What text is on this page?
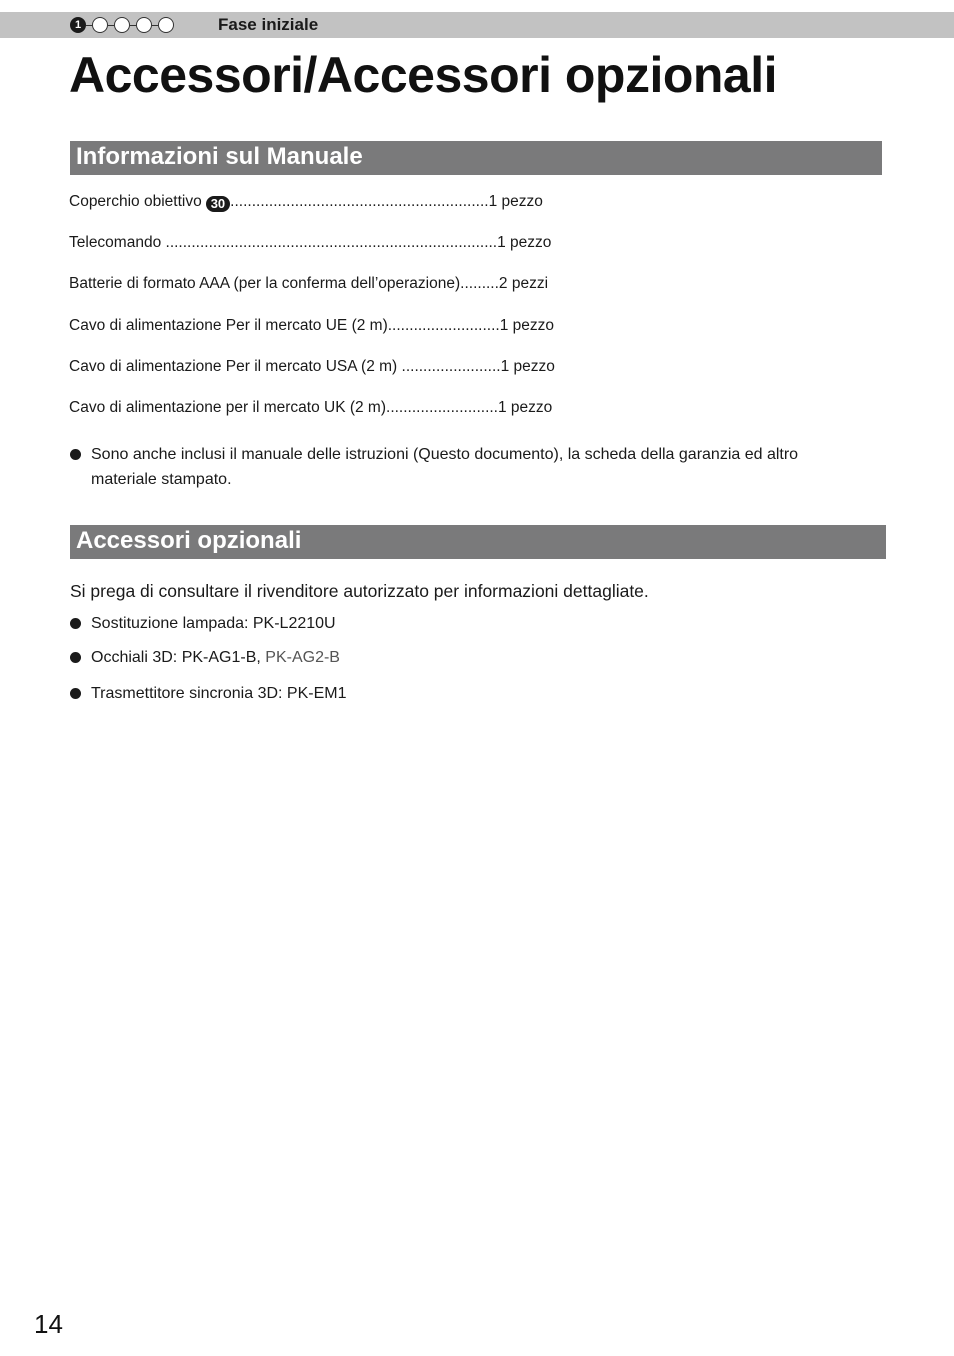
1	Fase iniziale
Accessori/Accessori opzionali
Informazioni sul Manuale
Coperchio obiettivo 30 ............................................................1 pezzo
Telecomando .............................................................................1 pezzo
Batterie di formato AAA (per la conferma dell’operazione).........2 pezzi
Cavo di alimentazione Per il mercato UE (2 m)..........................1 pezzo
Cavo di alimentazione Per il mercato USA (2 m) .......................1 pezzo
Cavo di alimentazione per il mercato UK (2 m)..........................1 pezzo
Sono anche inclusi il manuale delle istruzioni (Questo documento), la scheda della garanzia ed altro
materiale stampato.
Accessori opzionali
Si prega di consultare il rivenditore autorizzato per informazioni dettagliate.
Sostituzione lampada: PK-L2210U
Occhiali 3D: PK-AG1-B, PK-AG2-B
Trasmettitore sincronia 3D: PK-EM1
14
